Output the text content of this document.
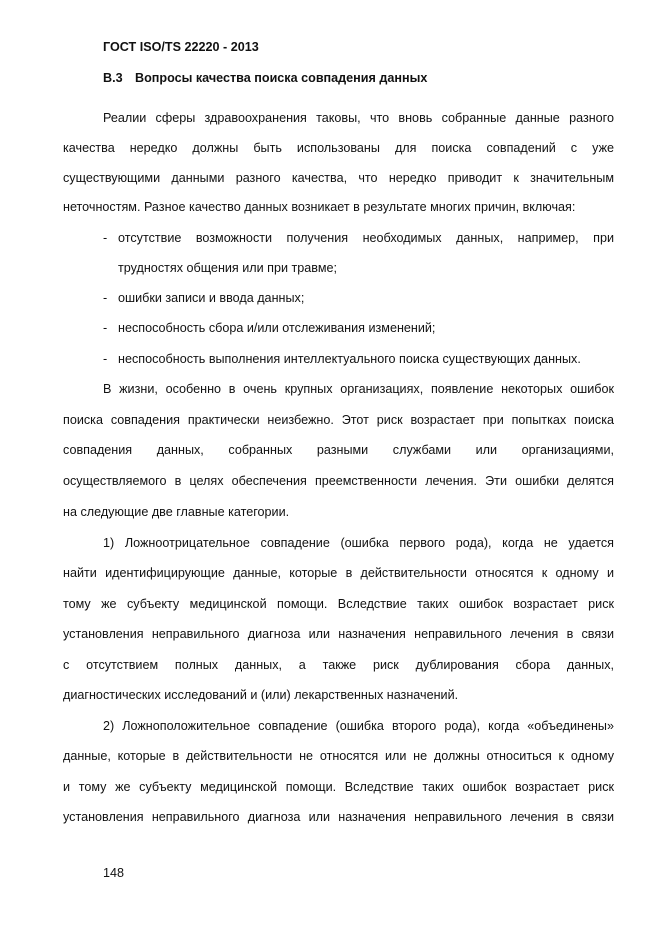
ГОСТ ISO/TS 22220 - 2013
B.3 Вопросы качества поиска совпадения данных
Реалии сферы здравоохранения таковы, что вновь собранные данные разного
качества нередко должны быть использованы для поиска совпадений с уже
существующими данными разного качества, что нередко приводит к значительным
неточностям. Разное качество данных возникает в результате многих причин, включая:
- отсутствие возможности получения необходимых данных, например, при
трудностях общения или при травме;
- ошибки записи и ввода данных;
- неспособность сбора и/или отслеживания изменений;
- неспособность выполнения интеллектуального поиска существующих данных.
В жизни, особенно в очень крупных организациях, появление некоторых ошибок
поиска совпадения практически неизбежно. Этот риск возрастает при попытках поиска
совпадения данных, собранных разными службами или организациями,
осуществляемого в целях обеспечения преемственности лечения. Эти ошибки делятся
на следующие две главные категории.
1) Ложноотрицательное совпадение (ошибка первого рода), когда не удается
найти идентифицирующие данные, которые в действительности относятся к одному и
тому же субъекту медицинской помощи. Вследствие таких ошибок возрастает риск
установления неправильного диагноза или назначения неправильного лечения в связи
с отсутствием полных данных, а также риск дублирования сбора данных,
диагностических исследований и (или) лекарственных назначений.
2) Ложноположительное совпадение (ошибка второго рода), когда «объединены»
данные, которые в действительности не относятся или не должны относиться к одному
и тому же субъекту медицинской помощи. Вследствие таких ошибок возрастает риск
установления неправильного диагноза или назначения неправильного лечения в связи
148
